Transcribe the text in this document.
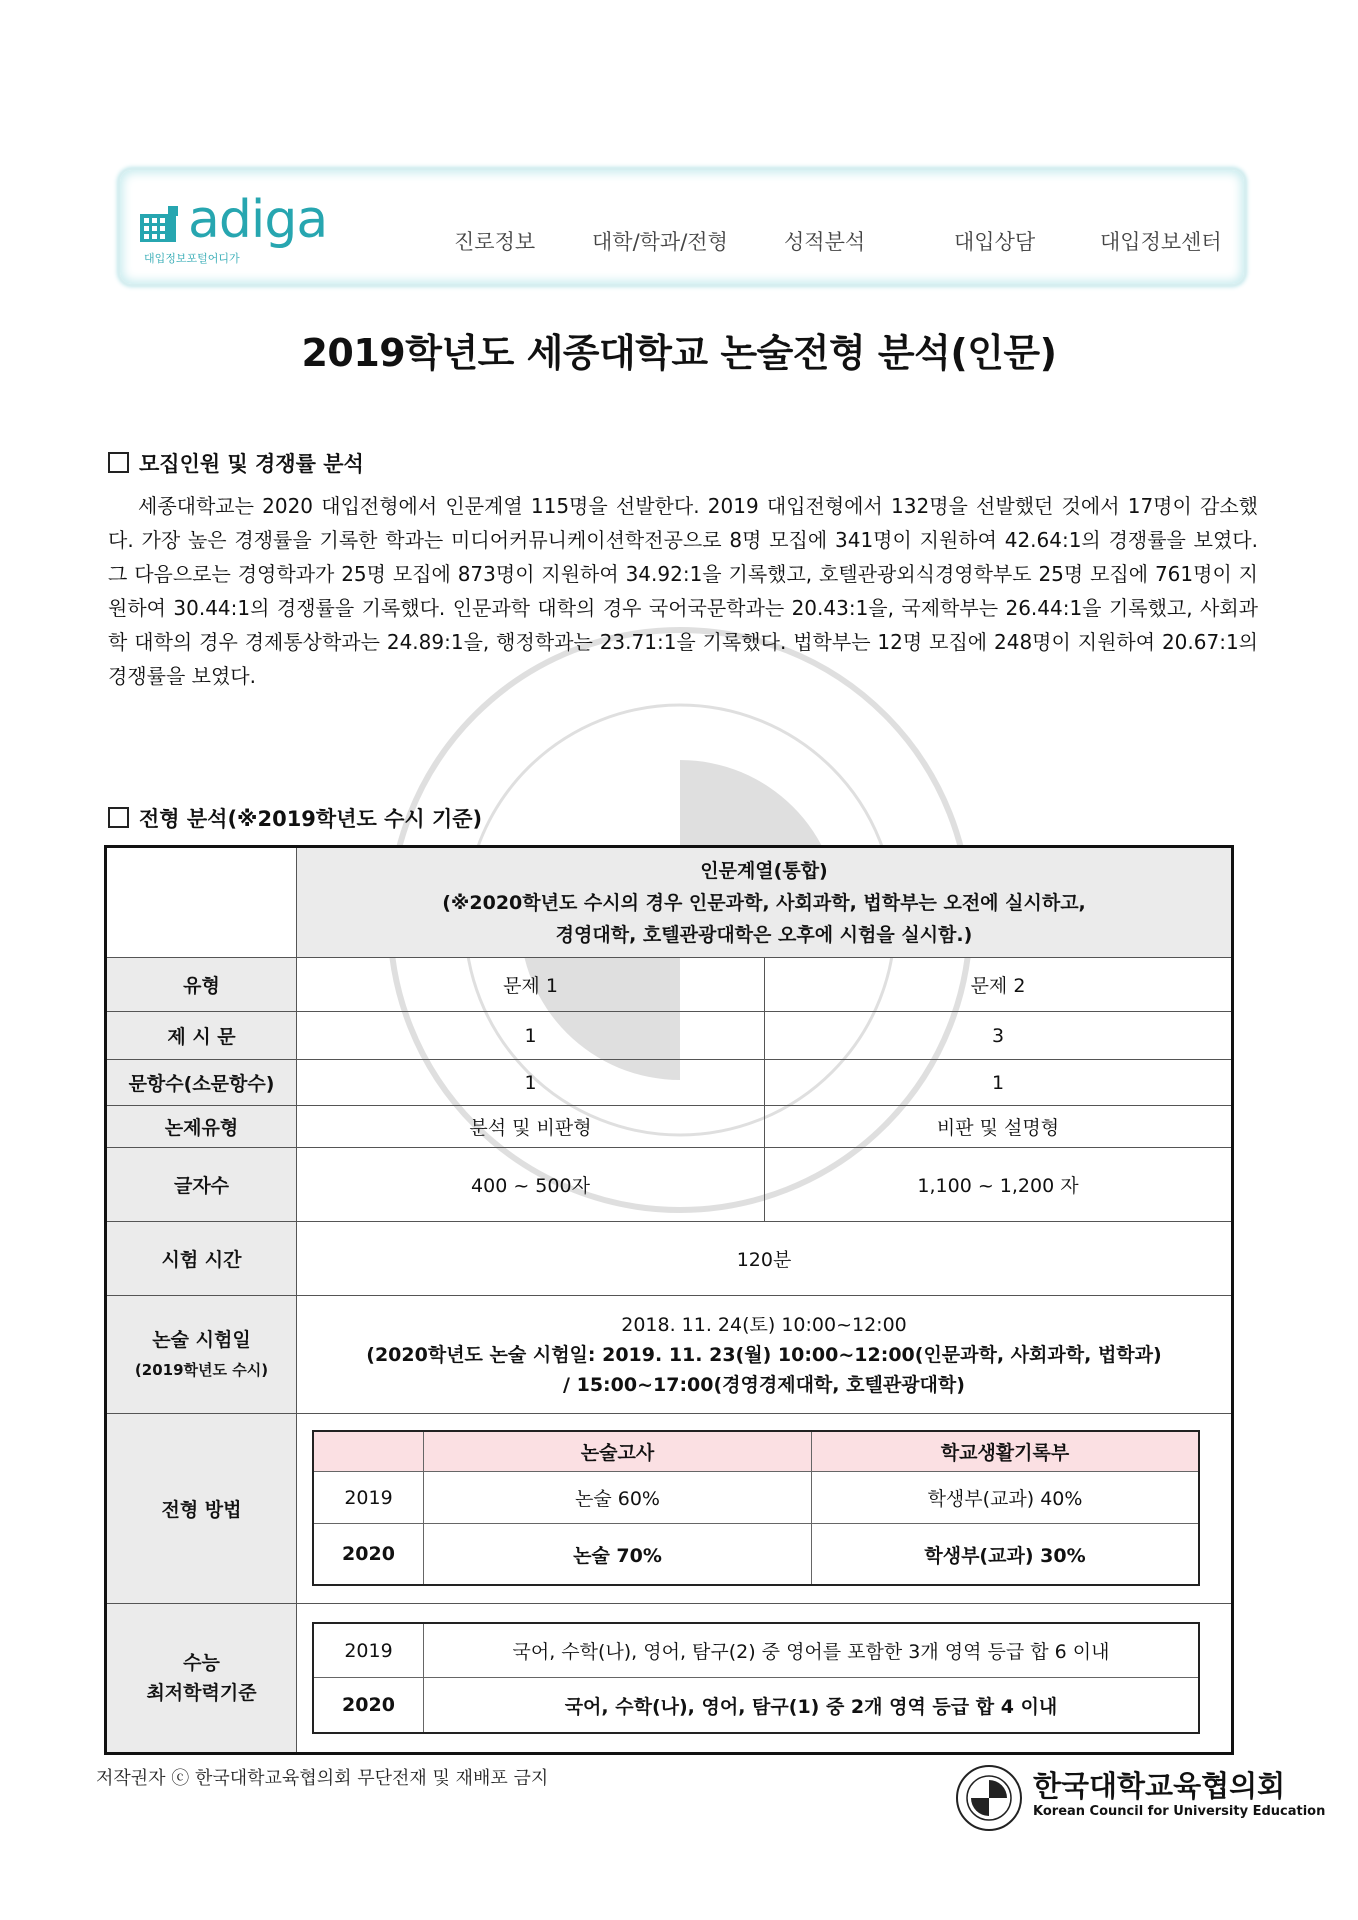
adiga
대입정보포털어디가
진로정보	대학/학과/전형	성적분석	대입상담	대입정보센터
2019학년도 세종대학교 논술전형 분석(인문)
모집인원 및 경쟁률 분석
세종대학교는 2020 대입전형에서 인문계열 115명을 선발한다. 2019 대입전형에서 132명을 선발했던 것에서 17명이 감소했다. 가장 높은 경쟁률을 기록한 학과는 미디어커뮤니케이션학전공으로 8명 모집에 341명이 지원하여 42.64:1의 경쟁률을 보였다. 그 다음으로는 경영학과가 25명 모집에 873명이 지원하여 34.92:1을 기록했고, 호텔관광외식경영학부도 25명 모집에 761명이 지원하여 30.44:1의 경쟁률을 기록했다. 인문과학 대학의 경우 국어국문학과는 20.43:1을, 국제학부는 26.44:1을 기록했고, 사회과학 대학의 경우 경제통상학과는 24.89:1을, 행정학과는 23.71:1을 기록했다. 법학부는 12명 모집에 248명이 지원하여 20.67:1의 경쟁률을 보였다.
전형 분석(※2019학년도 수시 기준)
인문계열(통합)
(※2020학년도 수시의 경우 인문과학, 사회과학, 법학부는 오전에 실시하고,
경영대학, 호텔관광대학은 오후에 시험을 실시함.)
유형	문제 1	문제 2
제 시 문	1	3
문항수(소문항수)	1	1
논제유형	분석 및 비판형	비판 및 설명형
글자수	400 ~ 500자	1,100 ~ 1,200 자
시험 시간	120분
논술 시험일
(2019학년도 수시)
2018. 11. 24(토) 10:00~12:00
(2020학년도 논술 시험일: 2019. 11. 23(월) 10:00~12:00(인문과학, 사회과학, 법학과)
/ 15:00~17:00(경영경제대학, 호텔관광대학)
전형 방법
논술고사	학교생활기록부
2019	논술 60%	학생부(교과) 40%
2020	논술 70%	학생부(교과) 30%
수능
최저학력기준
2019	국어, 수학(나), 영어, 탐구(2) 중 영어를 포함한 3개 영역 등급 합 6 이내
2020	국어, 수학(나), 영어, 탐구(1) 중 2개 영역 등급 합 4 이내
저작권자 ⓒ 한국대학교육협의회 무단전재 및 재배포 금지	한국대학교육협의회
Korean Council for University Education
